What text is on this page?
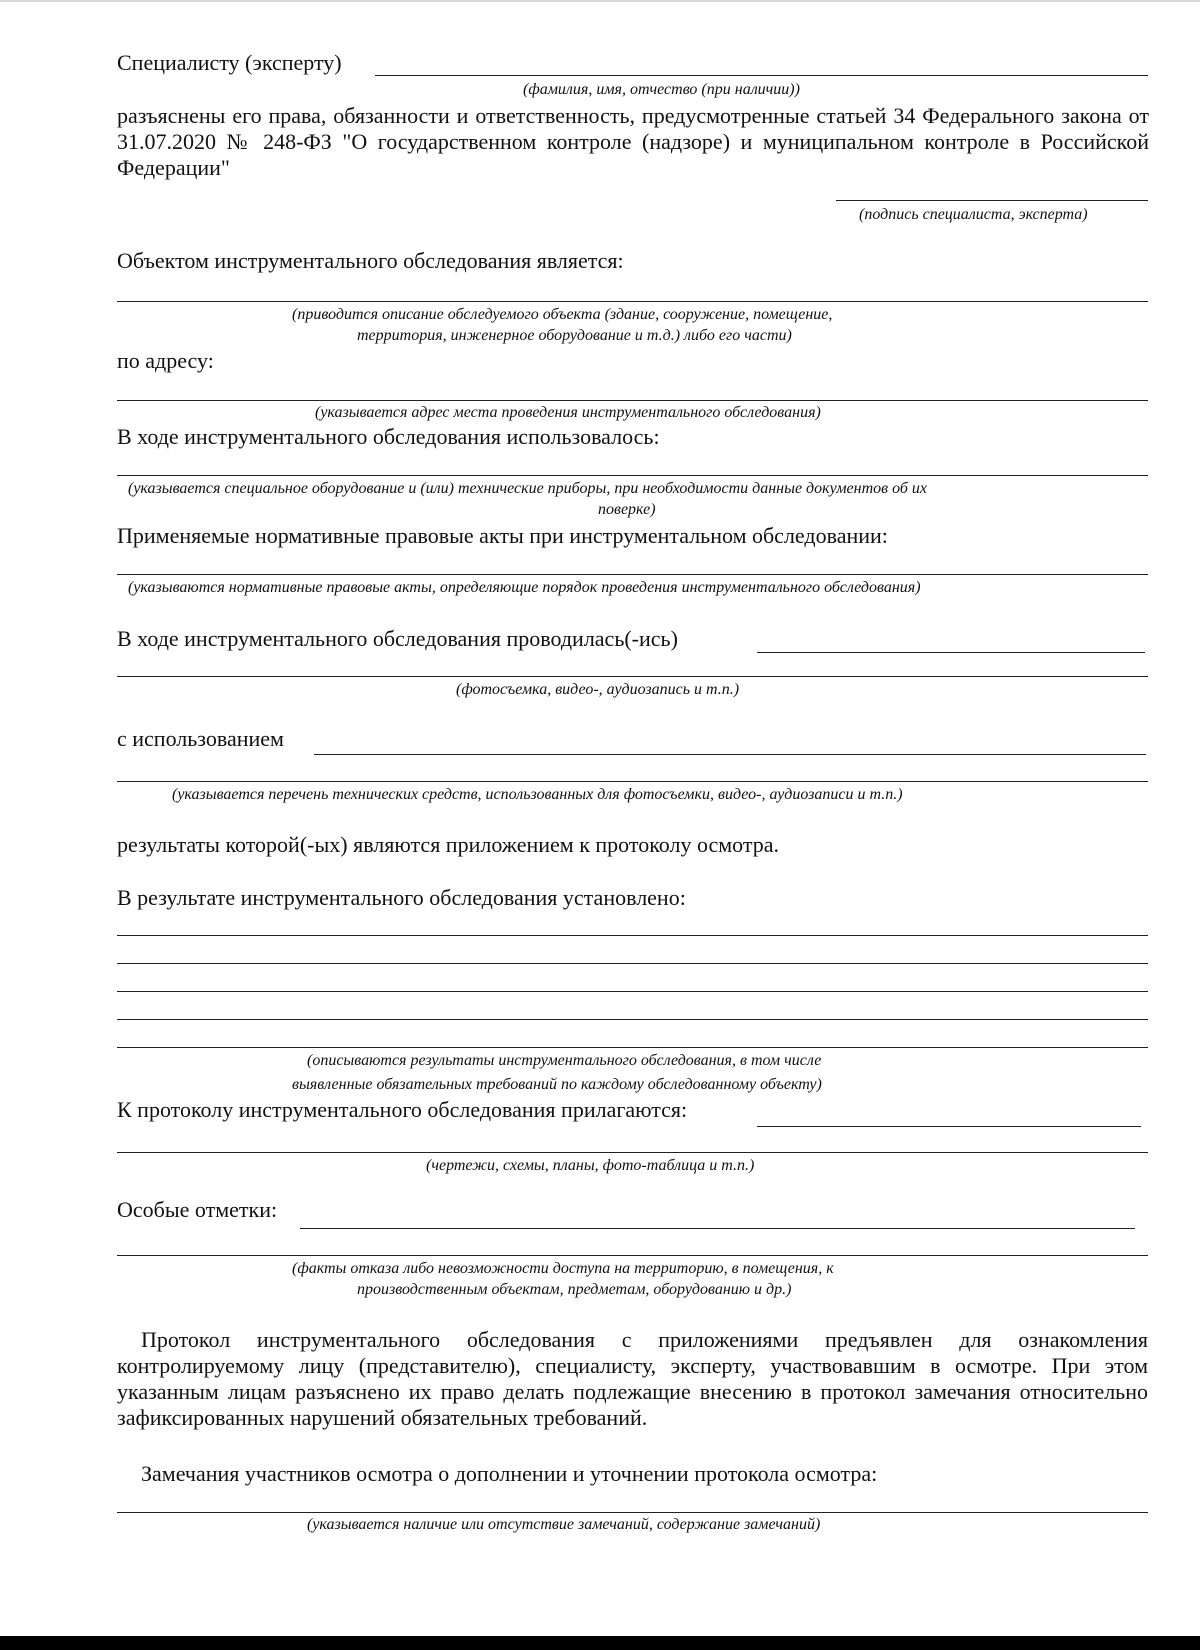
Специалисту (эксперту)
(фамилия, имя, отчество (при наличии))
разъяснены его права, обязанности и ответственность, предусмотренные статьей 34 Федерального закона от 31.07.2020 № 248-ФЗ "О государственном контроле (надзоре) и муниципальном контроле в Российской Федерации"
(подпись специалиста, эксперта)
Объектом инструментального обследования является:
(приводится описание обследуемого объекта (здание, сооружение, помещение,
территория, инженерное оборудование и т.д.) либо его части)
по адресу:
(указывается адрес места проведения инструментального обследования)
В ходе инструментального обследования использовалось:
(указывается специальное оборудование и (или) технические приборы, при необходимости данные документов об их
поверке)
Применяемые нормативные правовые акты при инструментальном обследовании:
(указываются нормативные правовые акты, определяющие порядок проведения инструментального обследования)
В ходе инструментального обследования проводилась(-ись)
(фотосъемка, видео-, аудиозапись и т.п.)
с использованием
(указывается перечень технических средств, использованных для фотосъемки, видео-, аудиозаписи и т.п.)
результаты которой(-ых) являются приложением к протоколу осмотра.
В результате инструментального обследования установлено:
(описываются результаты инструментального обследования, в том числе
выявленные обязательных требований по каждому обследованному объекту)
К протоколу инструментального обследования прилагаются:
(чертежи, схемы, планы, фото-таблица и т.п.)
Особые отметки:
(факты отказа либо невозможности доступа на территорию, в помещения, к
производственным объектам, предметам, оборудованию и др.)
Протокол инструментального обследования с приложениями предъявлен для ознакомления контролируемому лицу (представителю), специалисту, эксперту, участвовавшим в осмотре. При этом указанным лицам разъяснено их право делать подлежащие внесению в протокол замечания относительно зафиксированных нарушений обязательных требований.
Замечания участников осмотра о дополнении и уточнении протокола осмотра:
(указывается наличие или отсутствие замечаний, содержание замечаний)
